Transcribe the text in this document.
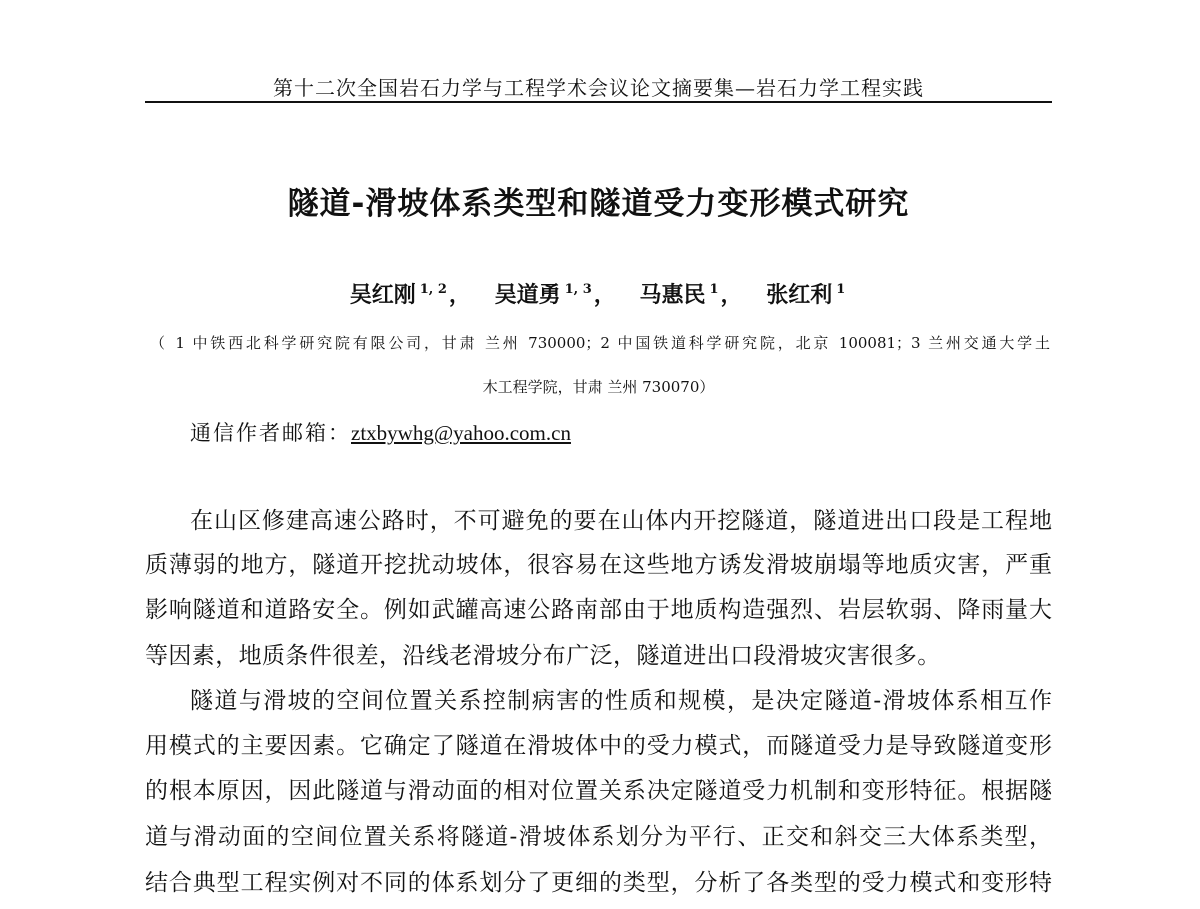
第十二次全国岩石力学与工程学术会议论文摘要集—岩石力学工程实践
隧道-滑坡体系类型和隧道受力变形模式研究
吴红刚 $^{1, 2}$， 吴道勇 $^{1, 3}$， 马惠民 $^1$， 张红利 $^1$
（ 1 中铁西北科学研究院有限公司，甘肃 兰州 730000；2 中国铁道科学研究院，北京 100081；3 兰州交通大学土
木工程学院，甘肃 兰州 730070）
通信作者邮箱：ztxbywhg@yahoo.com.cn
在山区修建高速公路时，不可避免的要在山体内开挖隧道，隧道进出口段是工程地
质薄弱的地方，隧道开挖扰动坡体，很容易在这些地方诱发滑坡崩塌等地质灾害，严重
影响隧道和道路安全。例如武罐高速公路南部由于地质构造强烈、岩层软弱、降雨量大
等因素，地质条件很差，沿线老滑坡分布广泛，隧道进出口段滑坡灾害很多。
隧道与滑坡的空间位置关系控制病害的性质和规模，是决定隧道-滑坡体系相互作
用模式的主要因素。它确定了隧道在滑坡体中的受力模式，而隧道受力是导致隧道变形
的根本原因，因此隧道与滑动面的相对位置关系决定隧道受力机制和变形特征。根据隧
道与滑动面的空间位置关系将隧道-滑坡体系划分为平行、正交和斜交三大体系类型，
结合典型工程实例对不同的体系划分了更细的类型，分析了各类型的受力模式和变形特
